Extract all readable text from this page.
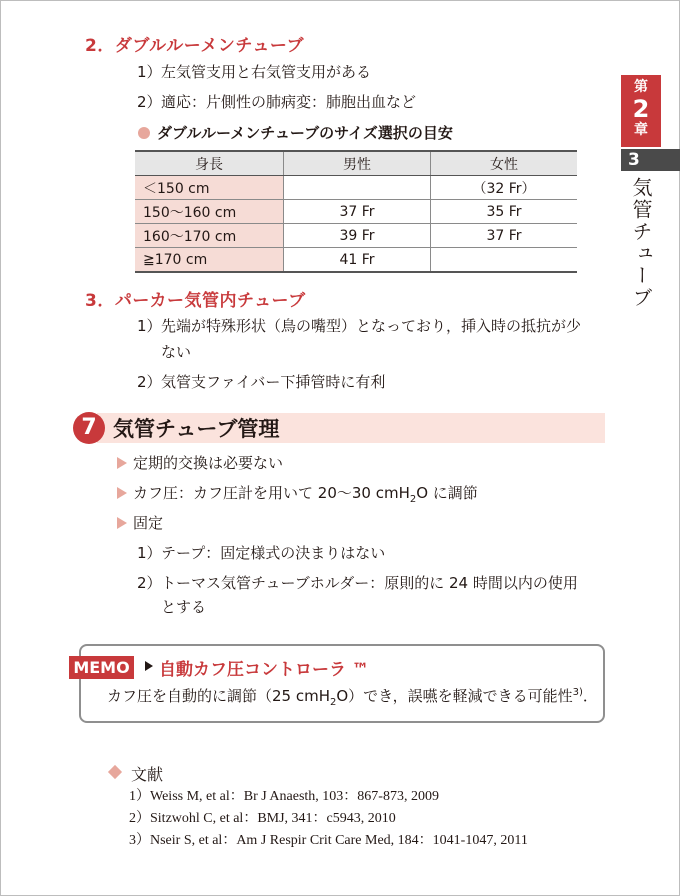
2．ダブルルーメンチューブ
1）左気管支用と右気管支用がある
2）適応：片側性の肺病変：肺胞出血など
ダブルルーメンチューブのサイズ選択の目安
身長	男性	女性
＜150 cm		（32 Fr）
150～160 cm	37 Fr	35 Fr
160～170 cm	39 Fr	37 Fr
≧170 cm	41 Fr	
3．パーカー気管内チューブ
1）先端が特殊形状（鳥の嘴型）となっており，挿入時の抵抗が少
ない
2）気管支ファイバー下挿管時に有利
7 気管チューブ管理
定期的交換は必要ない
カフ圧：カフ圧計を用いて 20～30 cmH$_2$O に調節
固定
1）テープ：固定様式の決まりはない
2）トーマス気管チューブホルダー：原則的に 24 時間以内の使用
とする
MEMO 自動カフ圧コントローラ ™
カフ圧を自動的に調節（25 cmH$_2$O）でき，誤嚥を軽減できる可能性$^{3)}$．
文献
1）Weiss M, et al：Br J Anaesth, 103：867-873, 2009
2）Sitzwohl C, et al：BMJ, 341：c5943, 2010
3）Nseir S, et al：Am J Respir Crit Care Med, 184：1041-1047, 2011
第
2
章
3
気管チューブ
